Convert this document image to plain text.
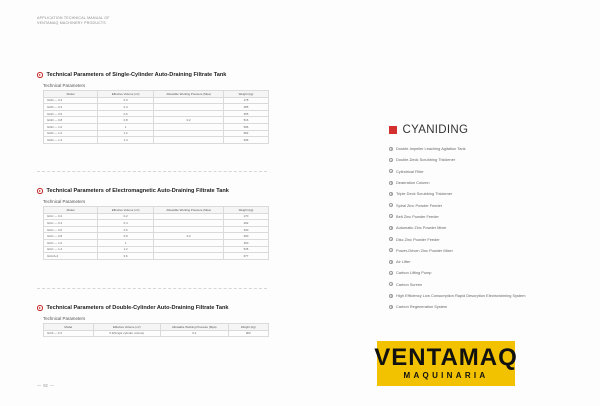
APPLICATION TECHNICAL MANUAL OF
VENTAMAQ MACHINERY PRODUCTS
Technical Parameters of Single-Cylinder Auto-Draining Filtrate Tank
Technical Parameters
Model	Effective Volume (m³)	Allowable Working Pressure (Mpa)	Weight (kg)
GGD — 0.3	0.3		178
GGD — 0.4	0.4		285
GGD — 0.6	0.6		355
GGD — 0.8	0.8	0.2	516
GGD — 1.0	1		596
GGD — 1.2	1.2		682
GGD — 1.4	1.4		936
Technical Parameters of Electromagnetic Auto-Draining Filtrate Tank
Technical Parameters
Model	Effective Volume (m³)	Allowable Working Pressure (Mpa)	Weight (kg)
GGC — 0.2	0.2		170
GGC — 0.4	0.4		292
GGC — 0.6	0.6		330
GGC — 0.8	0.8	0.2	390
GGC — 1.0	1		460
GGC — 1.2	1.2		545
GGCA-4	3.6		677
Technical Parameters of Double-Cylinder Auto-Draining Filtrate Tank
Technical Parameters
Model	Effective Volume (m³)	Allowable Working Pressure (Mpa)	Weight (kg)
GGS — 0.3	0.3(Single cylinder volume)	0.2	900
CYANIDING
Double-Impeller Leaching Agitation Tank
Double-Deck Scrubbing Thickener
Cylindrical Filter
Deaeration Column
Triple Deck Scrubbing Thickener
Spiral Zinc Powder Feeder
Belt Zinc Powder Feeder
Automatic Zinc Powder Mixer
Disc Zinc Powder Feeder
Power-Driven Zinc Powder Mixer
Air Lifter
Carbon Lifting Pump
Carbon Screen
High Efficiency Low Consumption Rapid Desorption Electrowinning System
Carbon Regeneration System
VENTAMAQ
MAQUINARIA
— 82 —
